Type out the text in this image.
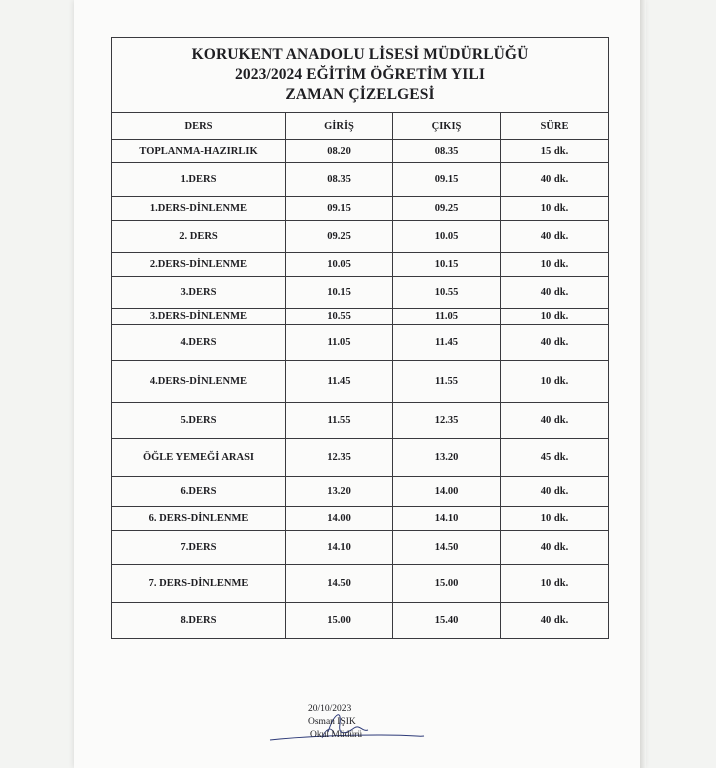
KORUKENT ANADOLU LİSESİ MÜDÜRLÜĞÜ
2023/2024 EĞİTİM ÖĞRETİM YILI
ZAMAN ÇİZELGESİ			

DERS	GİRİŞ	ÇIKIŞ	SÜRE
TOPLANMA-HAZIRLIK	08.20	08.35	15 dk.
1.DERS	08.35	09.15	40 dk.
1.DERS-DİNLENME	09.15	09.25	10 dk.
2. DERS	09.25	10.05	40 dk.
2.DERS-DİNLENME	10.05	10.15	10 dk.
3.DERS	10.15	10.55	40 dk.
3.DERS-DİNLENME	10.55	11.05	10 dk.
4.DERS	11.05	11.45	40 dk.
4.DERS-DİNLENME	11.45	11.55	10 dk.
5.DERS	11.55	12.35	40 dk.
ÖĞLE YEMEĞİ ARASI	12.35	13.20	45 dk.
6.DERS	13.20	14.00	40 dk.
6. DERS-DİNLENME	14.00	14.10	10 dk.
7.DERS	14.10	14.50	40 dk.
7. DERS-DİNLENME	14.50	15.00	10 dk.
8.DERS	15.00	15.40	40 dk.
20/10/2023
Osman IŞIK
Okul Müdürü
